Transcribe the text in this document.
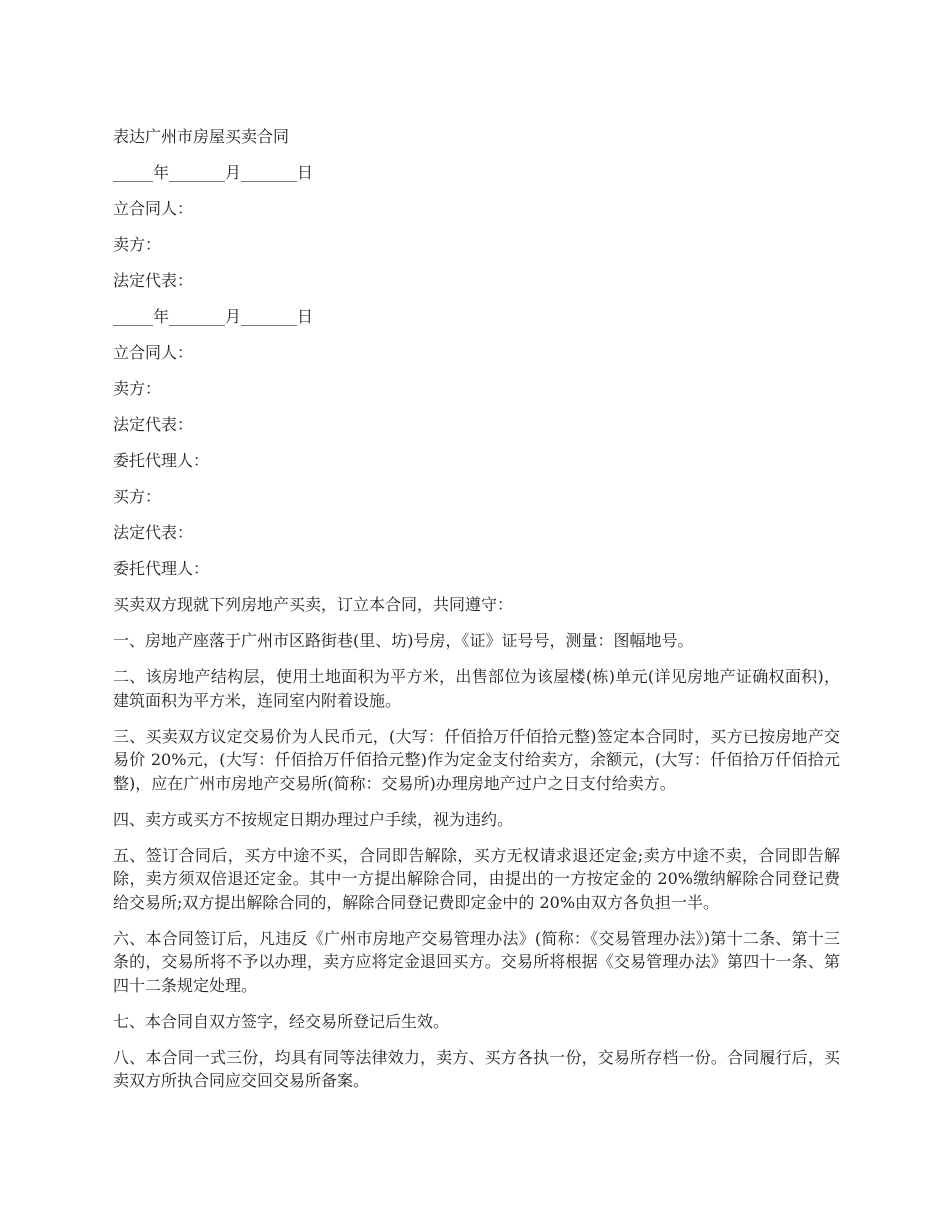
表达广州市房屋买卖合同

_____年_______月_______日

立合同人：

卖方：

法定代表：

_____年_______月_______日

立合同人：

卖方：

法定代表：

委托代理人：

买方：

法定代表：

委托代理人：

买卖双方现就下列房地产买卖，订立本合同，共同遵守：

一、房地产座落于广州市区路街巷(里、坊)号房，《证》证号号，测量：图幅地号。

二、该房地产结构层，使用土地面积为平方米，出售部位为该屋楼(栋)单元(详见房地产证确权面积)，建筑面积为平方米，连同室内附着设施。

三、买卖双方议定交易价为人民币元，(大写：仟佰拾万仟佰拾元整)签定本合同时，买方已按房地产交易价 20%元，(大写：仟佰拾万仟佰拾元整)作为定金支付给卖方，余额元，(大写：仟佰拾万仟佰拾元整)，应在广州市房地产交易所(简称：交易所)办理房地产过户之日支付给卖方。

四、卖方或买方不按规定日期办理过户手续，视为违约。

五、签订合同后，买方中途不买，合同即告解除，买方无权请求退还定金;卖方中途不卖，合同即告解除，卖方须双倍退还定金。其中一方提出解除合同，由提出的一方按定金的 20%缴纳解除合同登记费给交易所;双方提出解除合同的，解除合同登记费即定金中的 20%由双方各负担一半。

六、本合同签订后，凡违反《广州市房地产交易管理办法》(简称：《交易管理办法》)第十二条、第十三条的，交易所将不予以办理，卖方应将定金退回买方。交易所将根据《交易管理办法》第四十一条、第四十二条规定处理。

七、本合同自双方签字，经交易所登记后生效。

八、本合同一式三份，均具有同等法律效力，卖方、买方各执一份，交易所存档一份。合同履行后，买卖双方所执合同应交回交易所备案。
